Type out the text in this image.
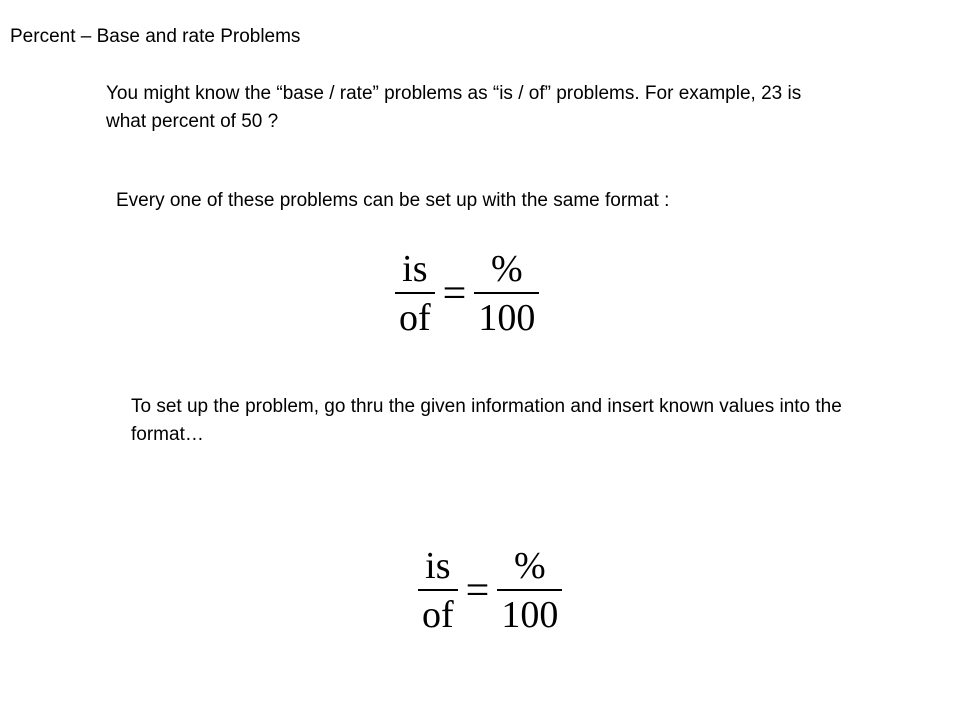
Percent – Base and rate Problems
You might know the “base / rate” problems as “is / of” problems. For example, 23 is what percent of 50 ?
Every one of these problems can be set up with the same format :
$\frac{is}{of} = \frac{\%}{100}$
To set up the problem, go thru the given information and insert known values into the format…
$\frac{is}{of} = \frac{\%}{100}$
